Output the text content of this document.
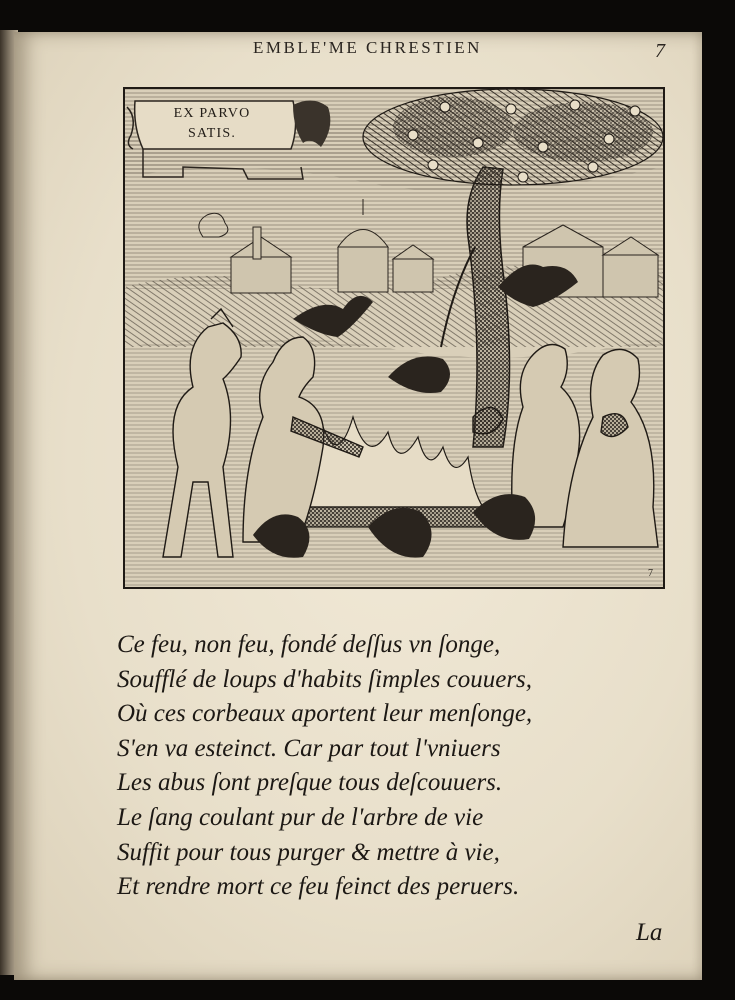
EMBLE'ME CHRESTIEN	7
EX PARVO
SATIS.
7
Ce feu, non feu, fondé deſſus vn ſonge,
Soufflé de loups d'habits ſimples couuers,
Où ces corbeaux aportent leur menſonge,
S'en va esteinct. Car par tout l'vniuers
Les abus ſont preſque tous deſcouuers.
Le ſang coulant pur de l'arbre de vie
Suffit pour tous purger & mettre à vie,
Et rendre mort ce feu feinct des peruers.
La
